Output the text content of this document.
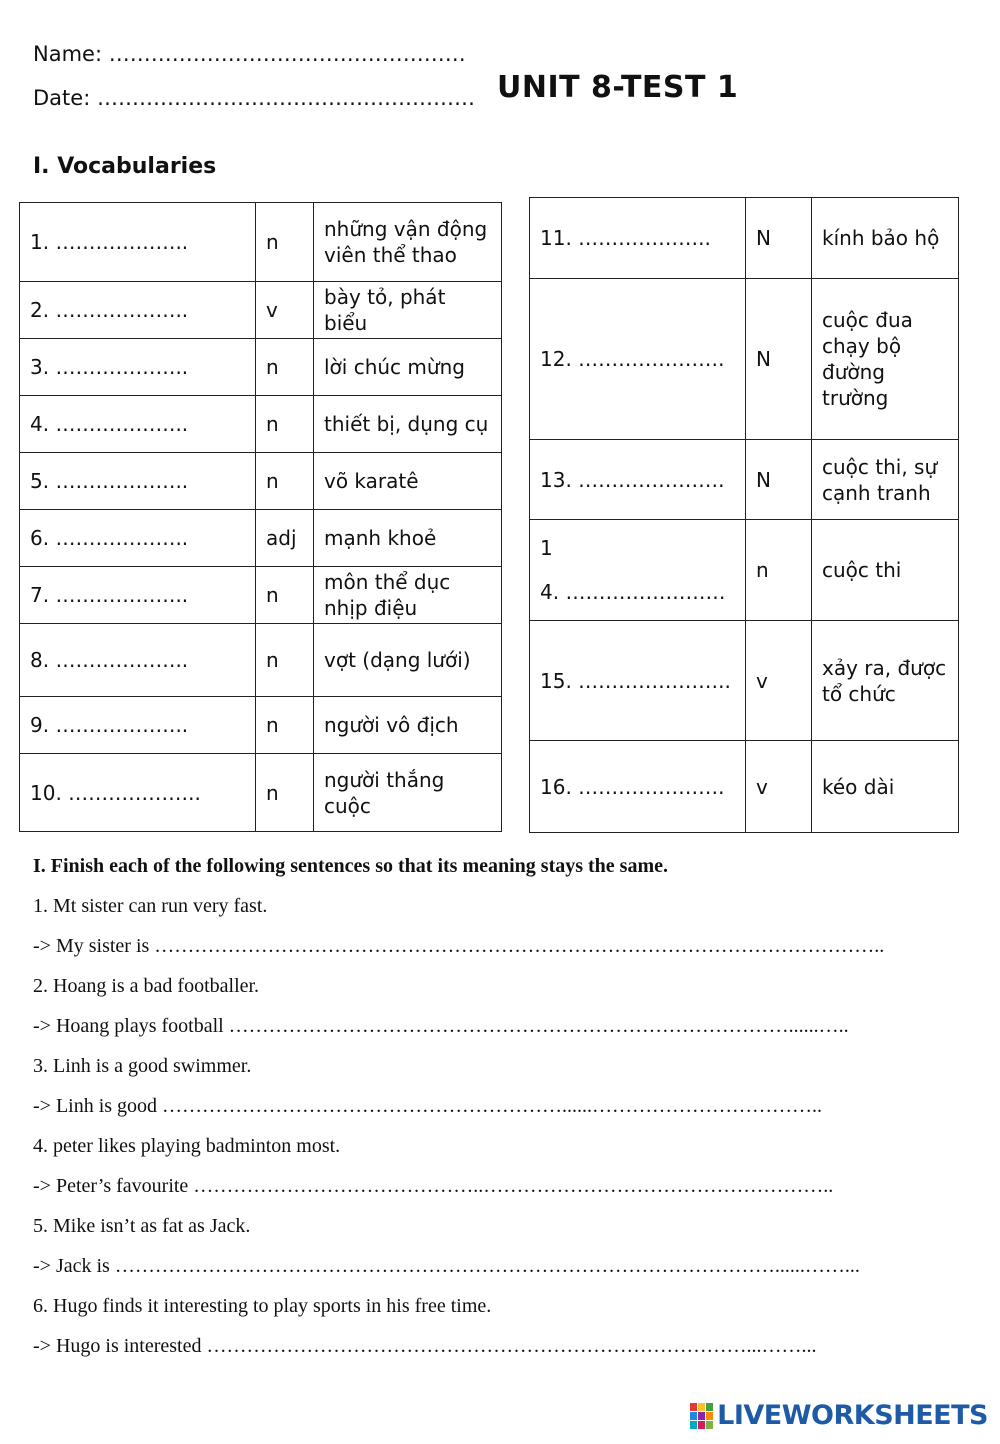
Name: ……………………………………………
Date: ……………………………………………… UNIT 8-TEST 1
I. Vocabularies
1. ………………..	n	những vận động viên thể thao
2. ………………..	v	bày tỏ, phát biểu
3. ………………..	n	lời chúc mừng
4. ………………..	n	thiết bị, dụng cụ
5. ………………..	n	võ karatê
6. ………………..	adj	mạnh khoẻ
7. ………………..	n	môn thể dục nhịp điệu
8. ………………..	n	vợt (dạng lưới)
9. ………………..	n	người vô địch
10. ………………..	n	người thắng cuộc
11. ………………..	N	kính bảo hộ
12. ………………….	N	cuộc đua chạy bộ đường trường
13. ………………….	N	cuộc thi, sự cạnh tranh

1
4. ……………………	n	cuộc thi
15. …………………..	v	xảy ra, được tổ chức
16. ………………….	v	kéo dài
I. Finish each of the following sentences so that its meaning stays the same.
1. Mt sister can run very fast.
-> My sister is ………………………………………………………………………………………………..
2. Hoang is a bad footballer.
-> Hoang plays football …………………………………………………………………………......…..
3. Linh is a good swimmer.
-> Linh is good ……………………………………………………......……………………………..
4. peter likes playing badminton most.
-> Peter’s favourite ……………………………………..……………………………………………..
5. Mike isn’t as fat as Jack.
-> Jack is ………………………………………………………………………………………......……...
6. Hugo finds it interesting to play sports in his free time.
-> Hugo is interested ………………………………………………………………………...……...
LIVEWORKSHEETS
